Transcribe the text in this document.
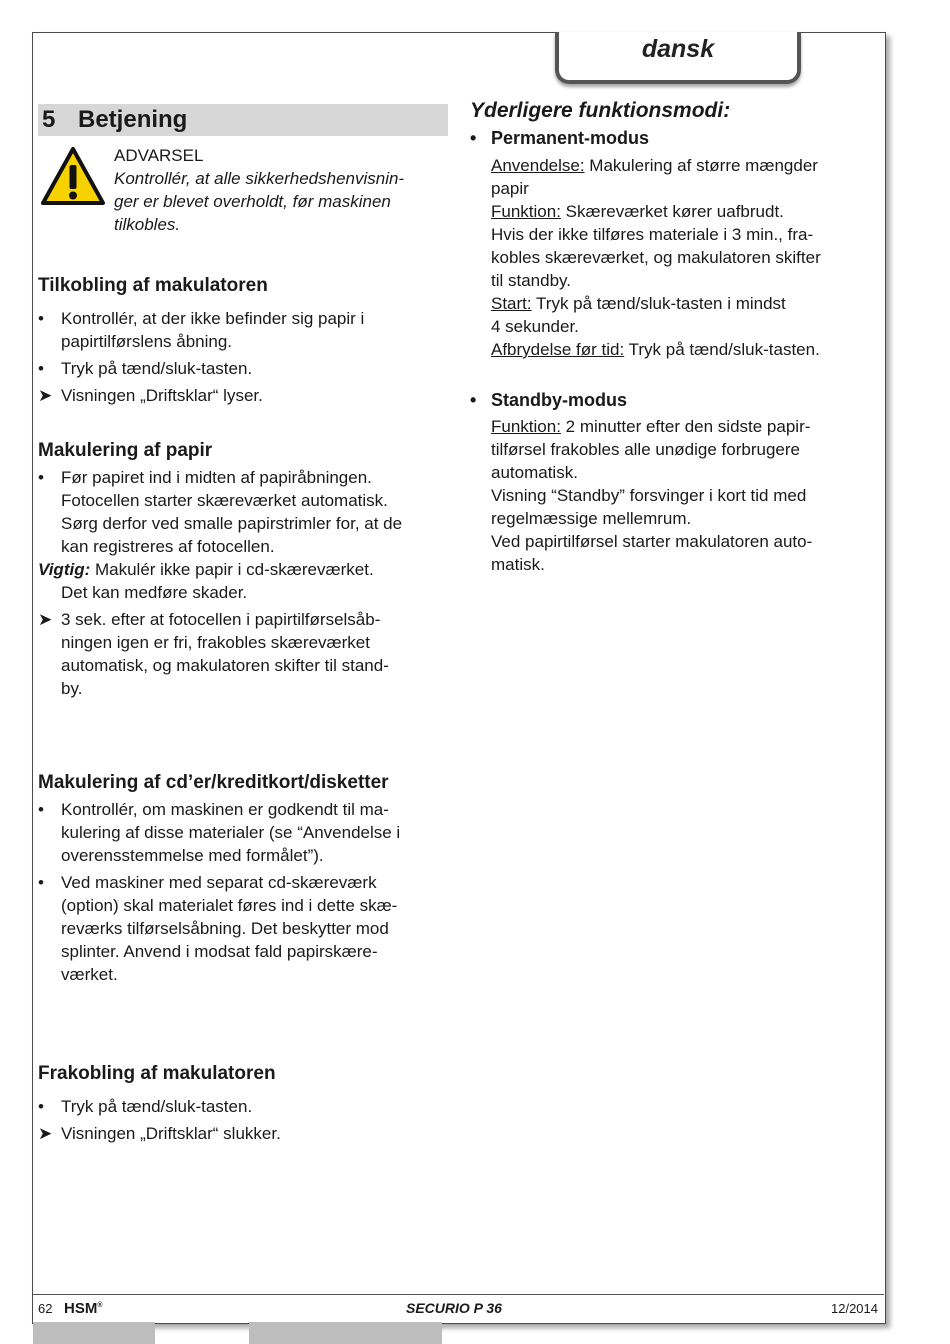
dansk
5 Betjening
ADVARSEL
Kontrollér, at alle sikkerhedshenvisnin-
ger er blevet overholdt, før maskinen
tilkobles.
Tilkobling af makulatoren
•	Kontrollér, at der ikke befinder sig papir i
papirtilførslens åbning.
•	Tryk på tænd/sluk-tasten.
➤ Visningen „Driftsklar“ lyser.
Makulering af papir
•	Før papiret ind i midten af papiråbningen.
Fotocellen starter skæreværket automatisk.
Sørg derfor ved smalle papirstrimler for, at de
kan registreres af fotocellen.
Vigtig: Makulér ikke papir i cd-skæreværket.
Det kan medføre skader.
➤ 3 sek. efter at fotocellen i papirtilførselsåb-
ningen igen er fri, frakobles skæreværket
automatisk, og makulatoren skifter til stand-
by.
Makulering af cd’er/kreditkort/disketter
•	Kontrollér, om maskinen er godkendt til ma-
kulering af disse materialer (se “Anvendelse i
overensstemmelse med formålet”).
•	Ved maskiner med separat cd-skæreværk
(option) skal materialet føres ind i dette skæ-
reværks tilførselsåbning. Det beskytter mod
splinter. Anvend i modsat fald papirskære-
værket.
Frakobling af makulatoren
•	Tryk på tænd/sluk-tasten.
➤ Visningen „Driftsklar“ slukker.
Yderligere funktionsmodi:
• Permanent-modus
Anvendelse: Makulering af større mængder
papir
Funktion: Skæreværket kører uafbrudt.
Hvis der ikke tilføres materiale i 3 min., fra-
kobles skæreværket, og makulatoren skifter
til standby.
Start: Tryk på tænd/sluk-tasten i mindst
4 sekunder.
Afbrydelse før tid: Tryk på tænd/sluk-tasten.
• Standby-modus
Funktion: 2 minutter efter den sidste papir-
tilførsel frakobles alle unødige forbrugere
automatisk.
Visning “Standby” forsvinger i kort tid med
regelmæssige mellemrum.
Ved papirtilførsel starter makulatoren auto-
matisk.
62 HSM®	SECURIO P 36	12/2014
